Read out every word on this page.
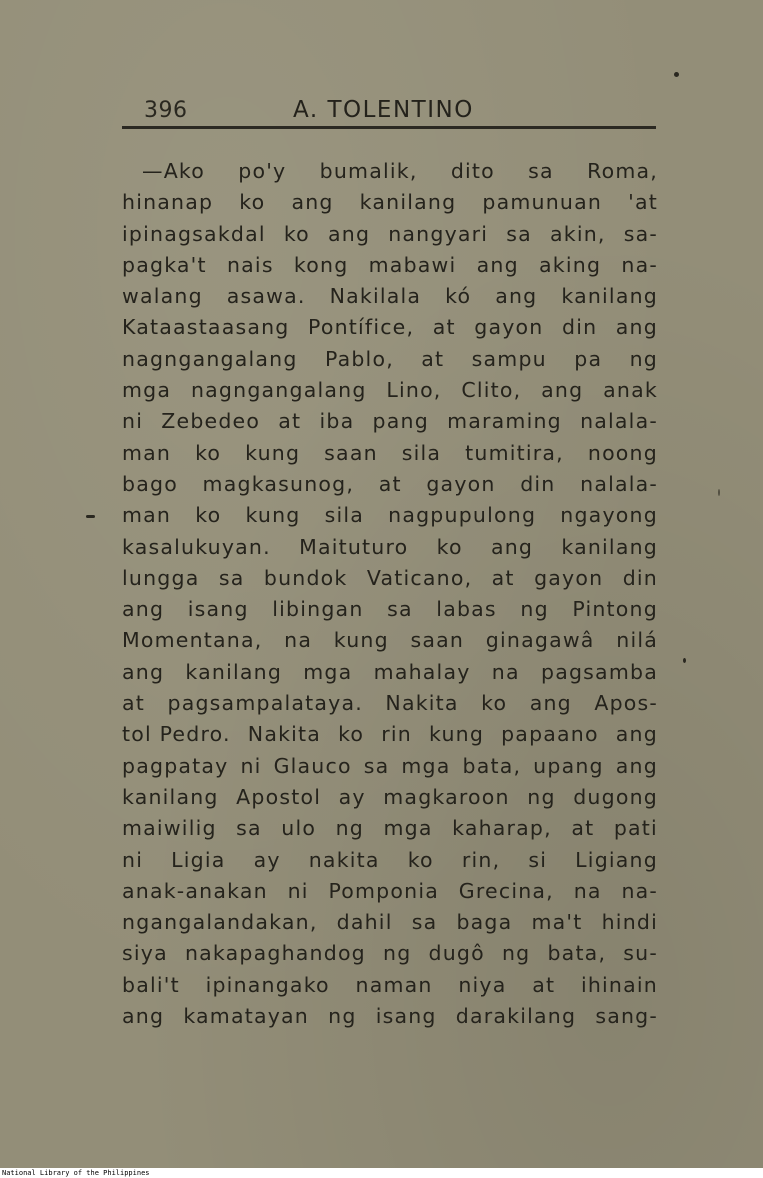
396	A. TOLENTINO
—Ako po'y bumalik, dito sa Roma,
hinanap ko ang kanilang pamunuan 'at
ipinagsakdal ko ang nangyari sa akin, sa-
pagka't nais kong mabawi ang aking na-
walang asawa. Nakilala kó ang kanilang
Kataastaasang Pontífice, at gayon din ang
nagngangalang Pablo, at sampu pa ng
mga nagngangalang Lino, Clito, ang anak
ni Zebedeo at iba pang maraming nalala-
man ko kung saan sila tumitira, noong
bago magkasunog, at gayon din nalala-
man ko kung sila nagpupulong ngayong
kasalukuyan. Maituturo ko ang kanilang
lungga sa bundok Vaticano, at gayon din
ang isang libingan sa labas ng Pintong
Momentana, na kung saan ginagawâ nilá
ang kanilang mga mahalay na pagsamba
at pagsampalataya. Nakita ko ang Apos-
tol Pedro. Nakita ko rin kung papaano ang
pagpatay ni Glauco sa mga bata, upang ang
kanilang Apostol ay magkaroon ng dugong
maiwilig sa ulo ng mga kaharap, at pati
ni Ligia ay nakita ko rin, si Ligiang
anak-anakan ni Pomponia Grecina, na na-
ngangalandakan, dahil sa baga ma't hindi
siya nakapaghandog ng dugô ng bata, su-
bali't ipinangako naman niya at ihinain
ang kamatayan ng isang darakilang sang-
National Library of the Philippines
